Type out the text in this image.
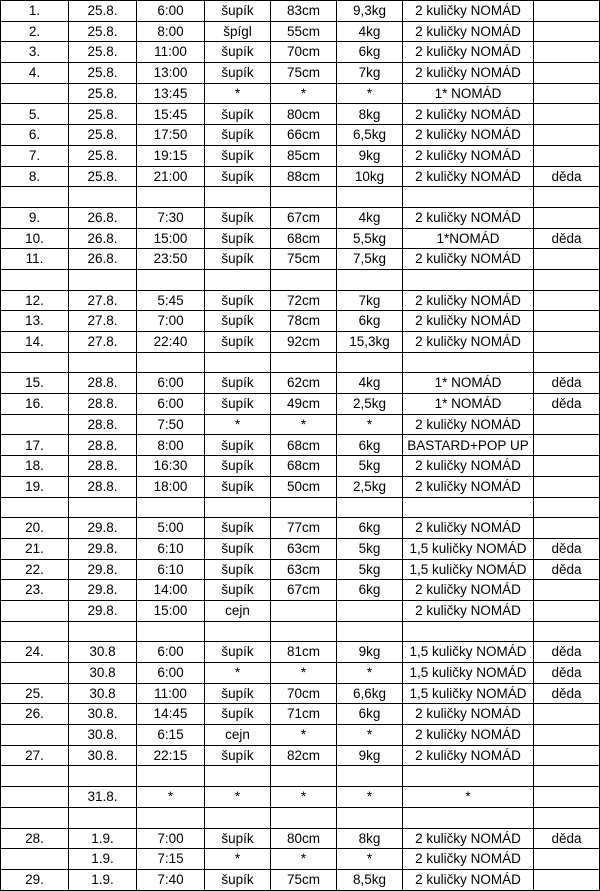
1.	25.8.	6:00	šupík	83cm	9,3kg	2 kuličky NOMÁD	
2.	25.8.	8:00	špígl	55cm	4kg	2 kuličky NOMÁD	
3.	25.8.	11:00	šupík	70cm	6kg	2 kuličky NOMÁD	
4.	25.8.	13:00	šupík	75cm	7kg	2 kuličky NOMÁD	
	25.8.	13:45	*	*	*	1* NOMÁD	
5.	25.8.	15:45	šupík	80cm	8kg	2 kuličky NOMÁD	
6.	25.8.	17:50	šupík	66cm	6,5kg	2 kuličky NOMÁD	
7.	25.8.	19:15	šupík	85cm	9kg	2 kuličky NOMÁD	
8.	25.8.	21:00	šupík	88cm	10kg	2 kuličky NOMÁD	děda

9.	26.8.	7:30	šupík	67cm	4kg	2 kuličky NOMÁD	
10.	26.8.	15:00	šupík	68cm	5,5kg	1*NOMÁD	děda
11.	26.8.	23:50	šupík	75cm	7,5kg	2 kuličky NOMÁD	

12.	27.8.	5:45	šupík	72cm	7kg	2 kuličky NOMÁD	
13.	27.8.	7:00	šupík	78cm	6kg	2 kuličky NOMÁD	
14.	27.8.	22:40	šupík	92cm	15,3kg	2 kuličky NOMÁD	

15.	28.8.	6:00	šupík	62cm	4kg	1* NOMÁD	děda
16.	28.8.	6:00	šupík	49cm	2,5kg	1* NOMÁD	děda
	28.8.	7:50	*	*	*	2 kuličky NOMÁD	
17.	28.8.	8:00	šupík	68cm	6kg	BASTARD+POP UP	
18.	28.8.	16:30	šupík	68cm	5kg	2 kuličky NOMÁD	
19.	28.8.	18:00	šupík	50cm	2,5kg	2 kuličky NOMÁD	

20.	29.8.	5:00	šupík	77cm	6kg	2 kuličky NOMÁD	
21.	29.8.	6:10	šupík	63cm	5kg	1,5 kuličky NOMÁD	děda
22.	29.8.	6:10	šupík	63cm	5kg	1,5 kuličky NOMÁD	děda
23.	29.8.	14:00	šupík	67cm	6kg	2 kuličky NOMÁD	
	29.8.	15:00	cejn			2 kuličky NOMÁD	

24.	30.8	6:00	šupík	81cm	9kg	1,5 kuličky NOMÁD	děda
	30.8	6:00	*	*	*	1,5 kuličky NOMÁD	děda
25.	30.8	11:00	šupík	70cm	6,6kg	1,5 kuličky NOMÁD	děda
26.	30.8.	14:45	šupík	71cm	6kg	2 kuličky NOMÁD	
	30.8.	6:15	cejn	*	*	2 kuličky NOMÁD	
27.	30.8.	22:15	šupík	82cm	9kg	2 kuličky NOMÁD	

	31.8.	*	*	*	*	*	

28.	1.9.	7:00	šupík	80cm	8kg	2 kuličky NOMÁD	děda
	1.9.	7:15	*	*	*	2 kuličky NOMÁD	
29.	1.9.	7:40	šupík	75cm	8,5kg	2 kuličky NOMÁD	
